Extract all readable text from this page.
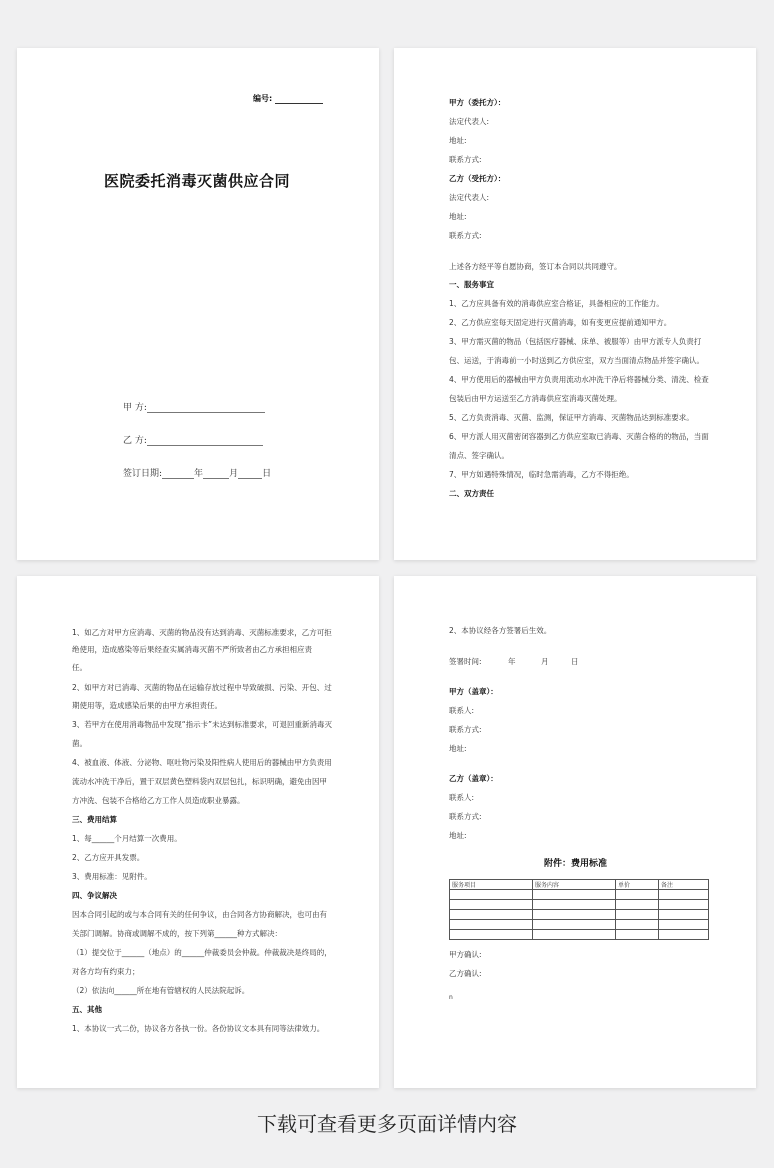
编号:
医院委托消毒灭菌供应合同
甲 方:
乙 方:
签订日期:	年	月	日
甲方（委托方）：
法定代表人:
地址:
联系方式:
乙方（受托方）：
法定代表人:
地址:
联系方式:
上述各方经平等自愿协商，签订本合同以共同遵守。
一、服务事宜
1、乙方应具备有效的消毒供应室合格证，具备相应的工作能力。
2、乙方供应室每天固定进行灭菌消毒，如有变更应提前通知甲方。
3、甲方需灭菌的物品（包括医疗器械、床单、被服等）由甲方派专人负责打
包、运送，于消毒前一小时送到乙方供应室，双方当面清点物品并签字确认。
4、甲方使用后的器械由甲方负责用流动水冲洗干净后将器械分类、清洗、检查
包装后由甲方运送至乙方消毒供应室消毒灭菌处理。
5、乙方负责消毒、灭菌、监测，保证甲方消毒、灭菌物品达到标准要求。
6、甲方派人用灭菌密闭容器到乙方供应室取已消毒、灭菌合格的的物品，当面
清点、签字确认。
7、甲方如遇特殊情况，临时急需消毒，乙方不得拒绝。
二、双方责任
1、如乙方对甲方应消毒、灭菌的物品没有达到消毒、灭菌标准要求，乙方可拒
绝使用，造成感染等后果经查实属消毒灭菌不严所致者由乙方承担相应责
任。
2、如甲方对已消毒、灭菌的物品在运输存放过程中导致破损、污染、开包、过
期使用等，造成感染后果的由甲方承担责任。
3、若甲方在使用消毒物品中发现“指示卡”未达到标准要求，可退回重新消毒灭
菌。
4、被血液、体液、分泌物、呕吐物污染及阳性病人使用后的器械由甲方负责用
流动水冲洗干净后，置于双层黄色塑料袋内双层包扎，标识明确，避免由因甲
方冲洗、包装不合格给乙方工作人员造成职业暴露。
三、费用结算
1、每______个月结算一次费用。
2、乙方应开具发票。
3、费用标准：见附件。
四、争议解决
因本合同引起的或与本合同有关的任何争议，由合同各方协商解决，也可由有
关部门调解。协商或调解不成的，按下列第______种方式解决：
（1）提交位于______（地点）的______仲裁委员会仲裁。仲裁裁决是终局的，
对各方均有约束力；
（2）依法向______所在地有管辖权的人民法院起诉。
五、其他
1、本协议一式二份，协议各方各执一份。各份协议文本具有同等法律效力。
2、本协议经各方签署后生效。
签署时间:	年	月	日
甲方（盖章）：
联系人:
联系方式:
地址:
乙方（盖章）：
联系人:
联系方式:
地址:
附件：费用标准
服务项目	服务内容	单价	备注

甲方确认:
乙方确认:
n
下载可查看更多页面详情内容
